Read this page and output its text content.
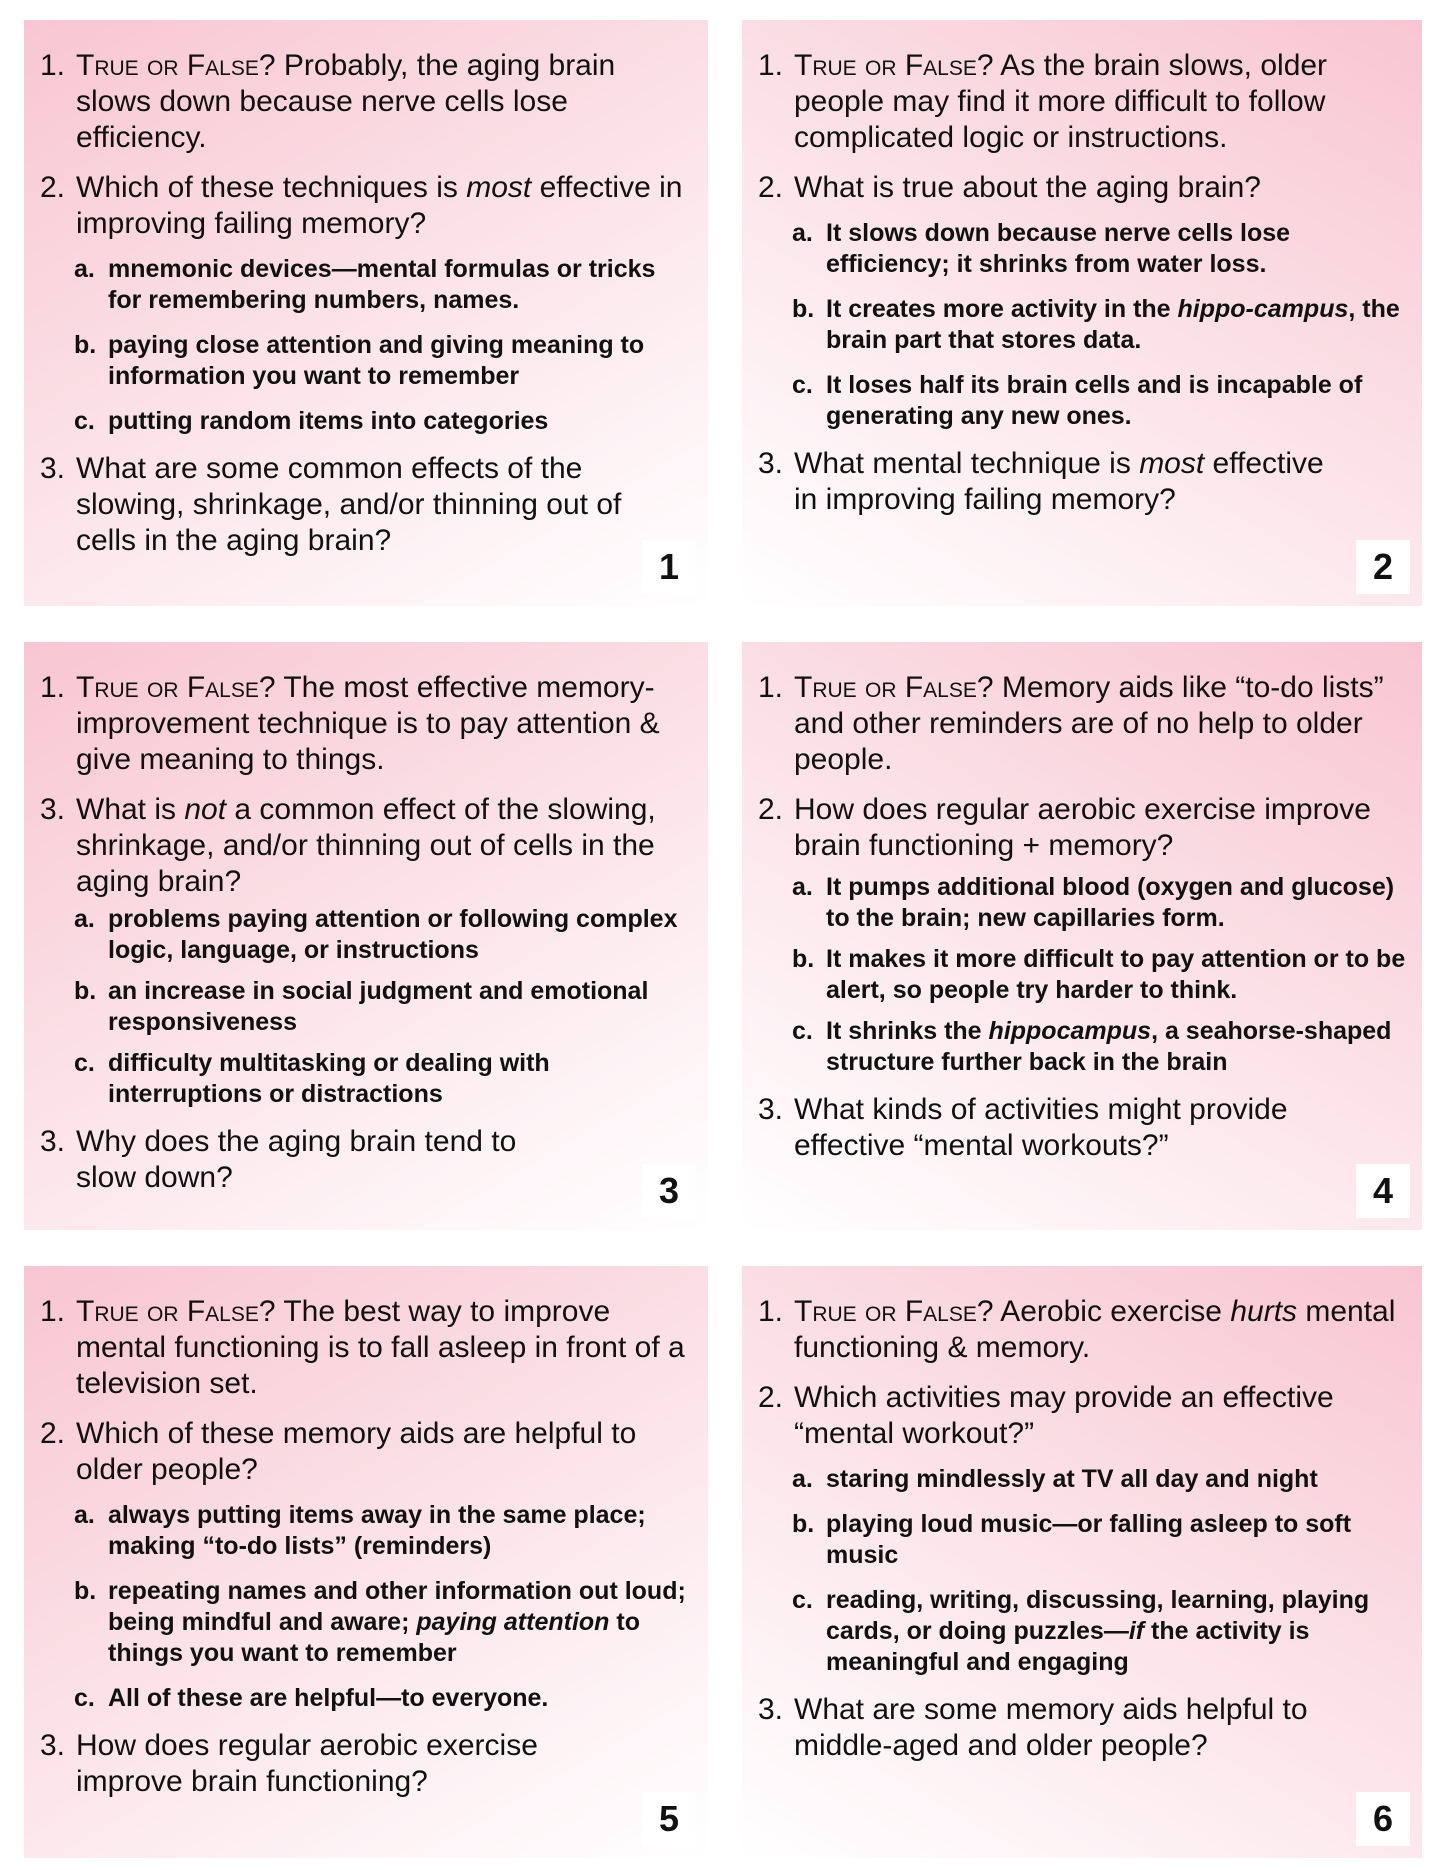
1. True or False? Probably, the aging brain slows down because nerve cells lose efficiency.
2. Which of these techniques is most effective in improving failing memory?
a. mnemonic devices—mental formulas or tricks for remembering numbers, names.
b. paying close attention and giving meaning to information you want to remember
c. putting random items into categories
3. What are some common effects of the slowing, shrinkage, and/or thinning out of cells in the aging brain?
1
1. True or False? As the brain slows, older people may find it more difficult to follow complicated logic or instructions.
2. What is true about the aging brain?
a. It slows down because nerve cells lose efficiency; it shrinks from water loss.
b. It creates more activity in the hippo-campus, the brain part that stores data.
c. It loses half its brain cells and is incapable of generating any new ones.
3. What mental technique is most effective in improving failing memory?
2
1. True or False? The most effective memory-improvement technique is to pay attention & give meaning to things.
3. What is not a common effect of the slowing, shrinkage, and/or thinning out of cells in the aging brain?
a. problems paying attention or following complex logic, language, or instructions
b. an increase in social judgment and emotional responsiveness
c. difficulty multitasking or dealing with interruptions or distractions
3. Why does the aging brain tend to slow down?	3
1. True or False? Memory aids like “to-do lists” and other reminders are of no help to older people.
2. How does regular aerobic exercise improve brain functioning + memory?
a. It pumps additional blood (oxygen and glucose) to the brain; new capillaries form.
b. It makes it more difficult to pay attention or to be alert, so people try harder to think.
c. It shrinks the hippocampus, a seahorse-shaped structure further back in the brain
3. What kinds of activities might provide effective “mental workouts?”
4
1. True or False? The best way to improve mental functioning is to fall asleep in front of a television set.
2. Which of these memory aids are helpful to older people?
a. always putting items away in the same place; making “to-do lists” (reminders)
b. repeating names and other information out loud; being mindful and aware; paying attention to things you want to remember
c. All of these are helpful—to everyone.
3. How does regular aerobic exercise improve brain functioning?
5
1. True or False? Aerobic exercise hurts mental functioning & memory.
2. Which activities may provide an effective “mental workout?”
a. staring mindlessly at TV all day and night
b. playing loud music—or falling asleep to soft music
c. reading, writing, discussing, learning, playing cards, or doing puzzles—if the activity is meaningful and engaging
3. What are some memory aids helpful to middle-aged and older people?
6
